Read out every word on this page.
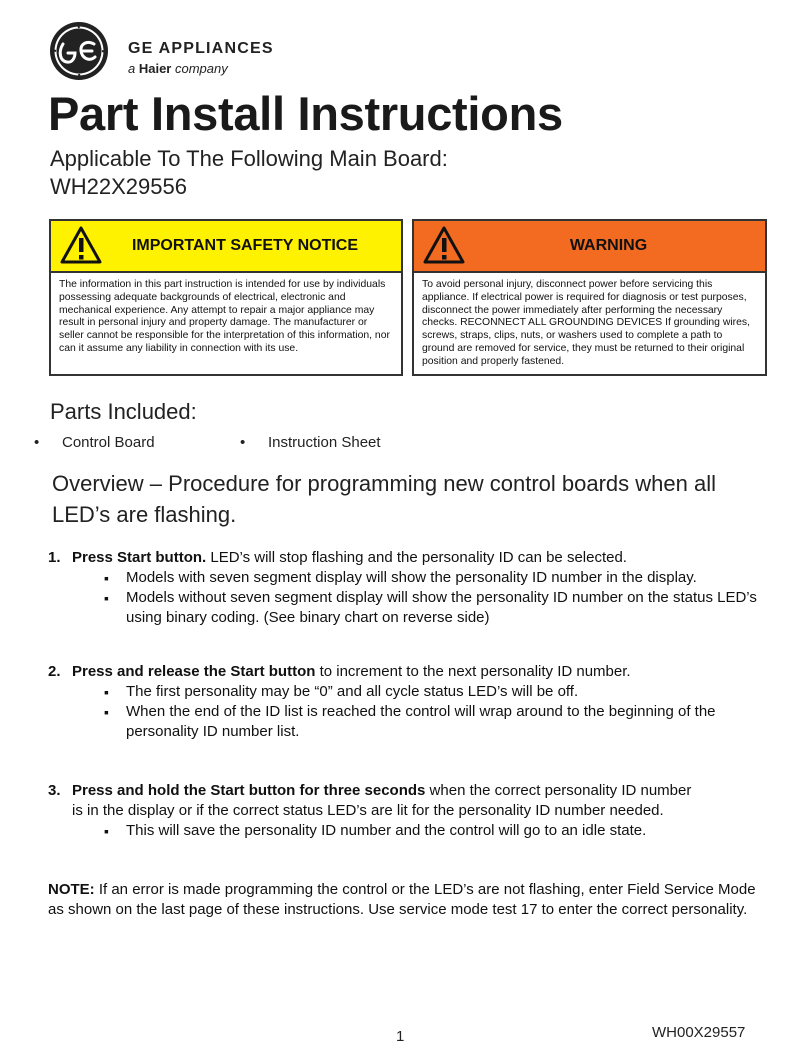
GE APPLIANCES
a Haier company
Part Install Instructions
Applicable To The Following Main Board:
WH22X29556
IMPORTANT SAFETY NOTICE
The information in this part instruction is intended for use by individuals possessing adequate backgrounds of electrical, electronic and mechanical experience. Any attempt to repair a major appliance may result in personal injury and property damage. The manufacturer or seller cannot be responsible for the interpretation of this information, nor can it assume any liability in connection with its use.
WARNING
To avoid personal injury, disconnect power before servicing this appliance. If electrical power is required for diagnosis or test purposes, disconnect the power immediately after performing the necessary checks. RECONNECT ALL GROUNDING DEVICES If grounding wires, screws, straps, clips, nuts, or washers used to complete a path to ground are removed for service, they must be returned to their original position and properly fastened.
Parts Included:
• Control Board	• Instruction Sheet
Overview – Procedure for programming new control boards when all LED’s are flashing.
1. Press Start button. LED’s will stop flashing and the personality ID can be selected.
▪ Models with seven segment display will show the personality ID number in the display.
▪ Models without seven segment display will show the personality ID number on the status LED’s using binary coding. (See binary chart on reverse side)
2. Press and release the Start button to increment to the next personality ID number.
▪ The first personality may be “0” and all cycle status LED’s will be off.
▪ When the end of the ID list is reached the control will wrap around to the beginning of the personality ID number list.
3. Press and hold the Start button for three seconds when the correct personality ID number
is in the display or if the correct status LED’s are lit for the personality ID number needed.
▪ This will save the personality ID number and the control will go to an idle state.
NOTE: If an error is made programming the control or the LED’s are not flashing, enter Field Service Mode as shown on the last page of these instructions. Use service mode test 17 to enter the correct personality.
1	WH00X29557
